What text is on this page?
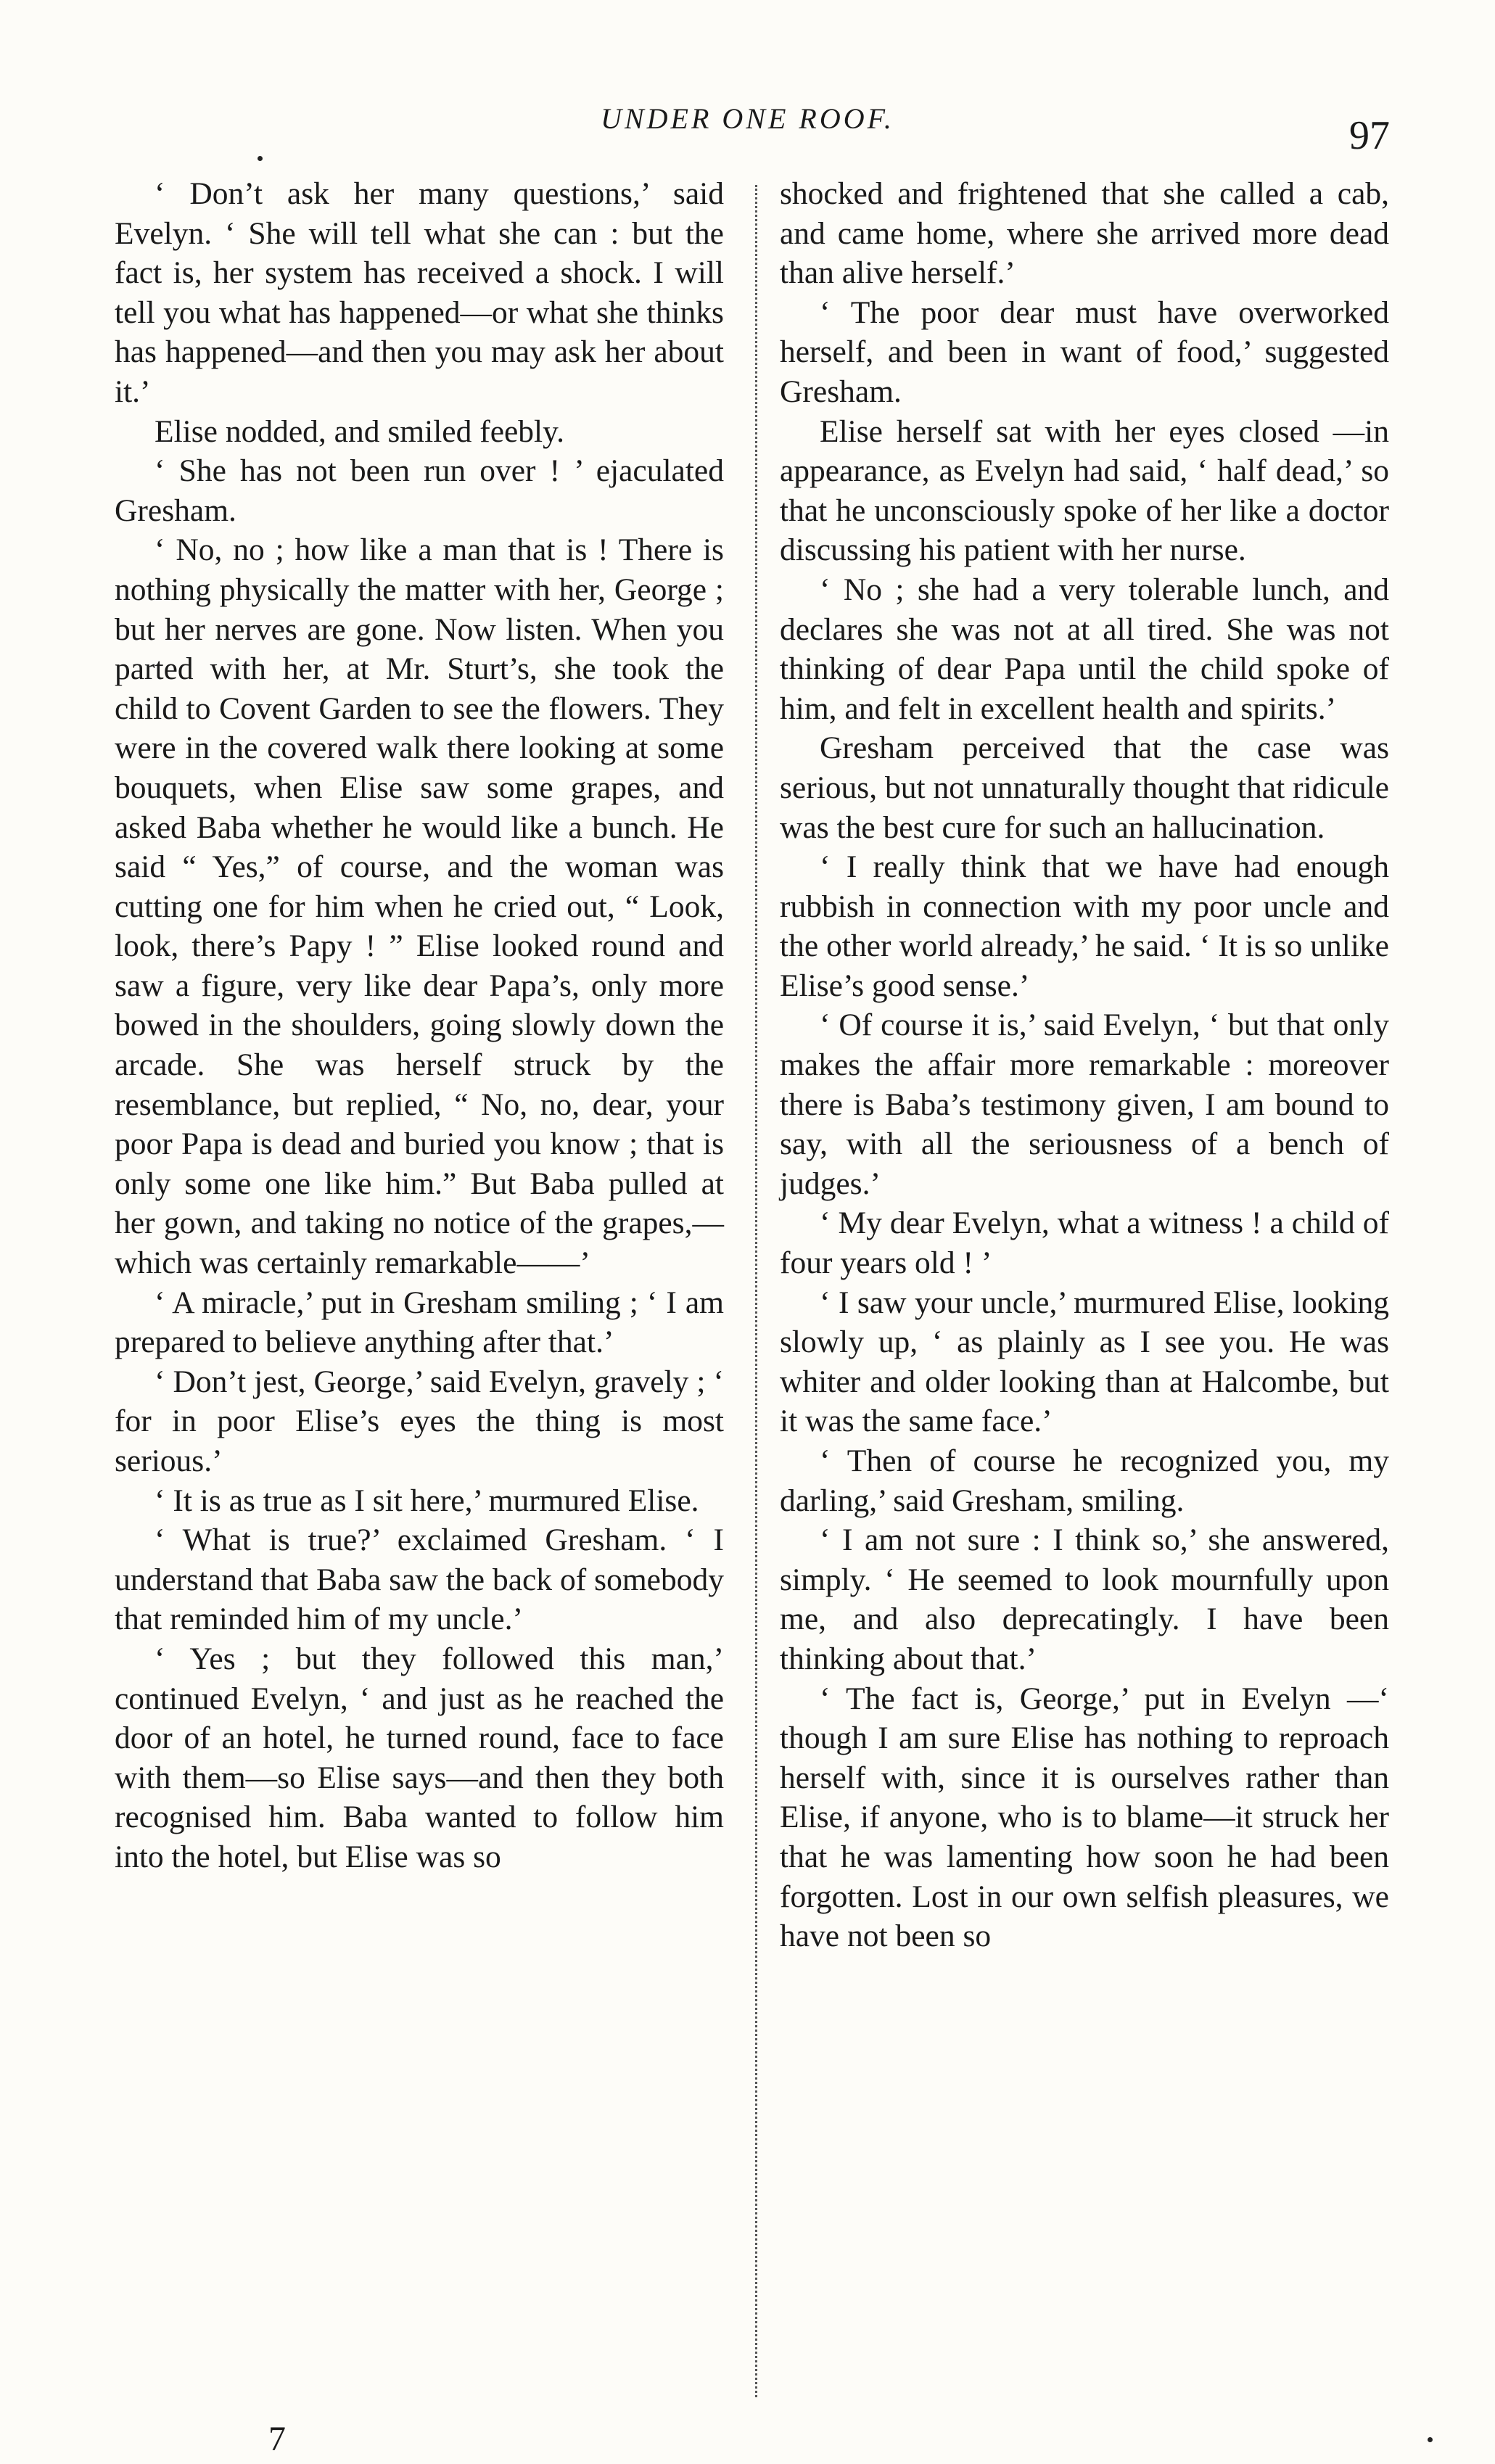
UNDER ONE ROOF.	97

‘ Don’t ask her many questions,’ said Evelyn. ‘ She will tell what she can : but the fact is, her system has received a shock. I will tell you what has happened—or what she thinks has happened—and then you may ask her about it.’

Elise nodded, and smiled feebly.

‘ She has not been run over ! ’ ejaculated Gresham.

‘ No, no ; how like a man that is ! There is nothing physically the matter with her, George ; but her nerves are gone. Now listen. When you parted with her, at Mr. Sturt’s, she took the child to Covent Garden to see the flowers. They were in the covered walk there looking at some bouquets, when Elise saw some grapes, and asked Baba whether he would like a bunch. He said “ Yes,” of course, and the woman was cutting one for him when he cried out, “ Look, look, there’s Papy ! ” Elise looked round and saw a figure, very like dear Papa’s, only more bowed in the shoulders, going slowly down the arcade. She was herself struck by the resemblance, but replied, “ No, no, dear, your poor Papa is dead and buried you know ; that is only some one like him.” But Baba pulled at her gown, and taking no notice of the grapes,—which was certainly remarkable——’

‘ A miracle,’ put in Gresham smiling ; ‘ I am prepared to believe anything after that.’

‘ Don’t jest, George,’ said Evelyn, gravely ; ‘ for in poor Elise’s eyes the thing is most serious.’

‘ It is as true as I sit here,’ murmured Elise.

‘ What is true?’ exclaimed Gresham. ‘ I understand that Baba saw the back of somebody that reminded him of my uncle.’

‘ Yes ; but they followed this man,’ continued Evelyn, ‘ and just as he reached the door of an hotel, he turned round, face to face with them—so Elise says—and then they both recognised him. Baba wanted to follow him into the hotel, but Elise was so

shocked and frightened that she called a cab, and came home, where she arrived more dead than alive herself.’

‘ The poor dear must have overworked herself, and been in want of food,’ suggested Gresham.

Elise herself sat with her eyes closed —in appearance, as Evelyn had said, ‘ half dead,’ so that he unconsciously spoke of her like a doctor discussing his patient with her nurse.

‘ No ; she had a very tolerable lunch, and declares she was not at all tired. She was not thinking of dear Papa until the child spoke of him, and felt in excellent health and spirits.’

Gresham perceived that the case was serious, but not unnaturally thought that ridicule was the best cure for such an hallucination.

‘ I really think that we have had enough rubbish in connection with my poor uncle and the other world already,’ he said. ‘ It is so unlike Elise’s good sense.’

‘ Of course it is,’ said Evelyn, ‘ but that only makes the affair more remarkable : moreover there is Baba’s testimony given, I am bound to say, with all the seriousness of a bench of judges.’

‘ My dear Evelyn, what a witness ! a child of four years old ! ’

‘ I saw your uncle,’ murmured Elise, looking slowly up, ‘ as plainly as I see you. He was whiter and older looking than at Halcombe, but it was the same face.’

‘ Then of course he recognized you, my darling,’ said Gresham, smiling.

‘ I am not sure : I think so,’ she answered, simply. ‘ He seemed to look mournfully upon me, and also deprecatingly. I have been thinking about that.’

‘ The fact is, George,’ put in Evelyn —‘ though I am sure Elise has nothing to reproach herself with, since it is ourselves rather than Elise, if anyone, who is to blame—it struck her that he was lamenting how soon he had been forgotten. Lost in our own selfish pleasures, we have not been so

7
